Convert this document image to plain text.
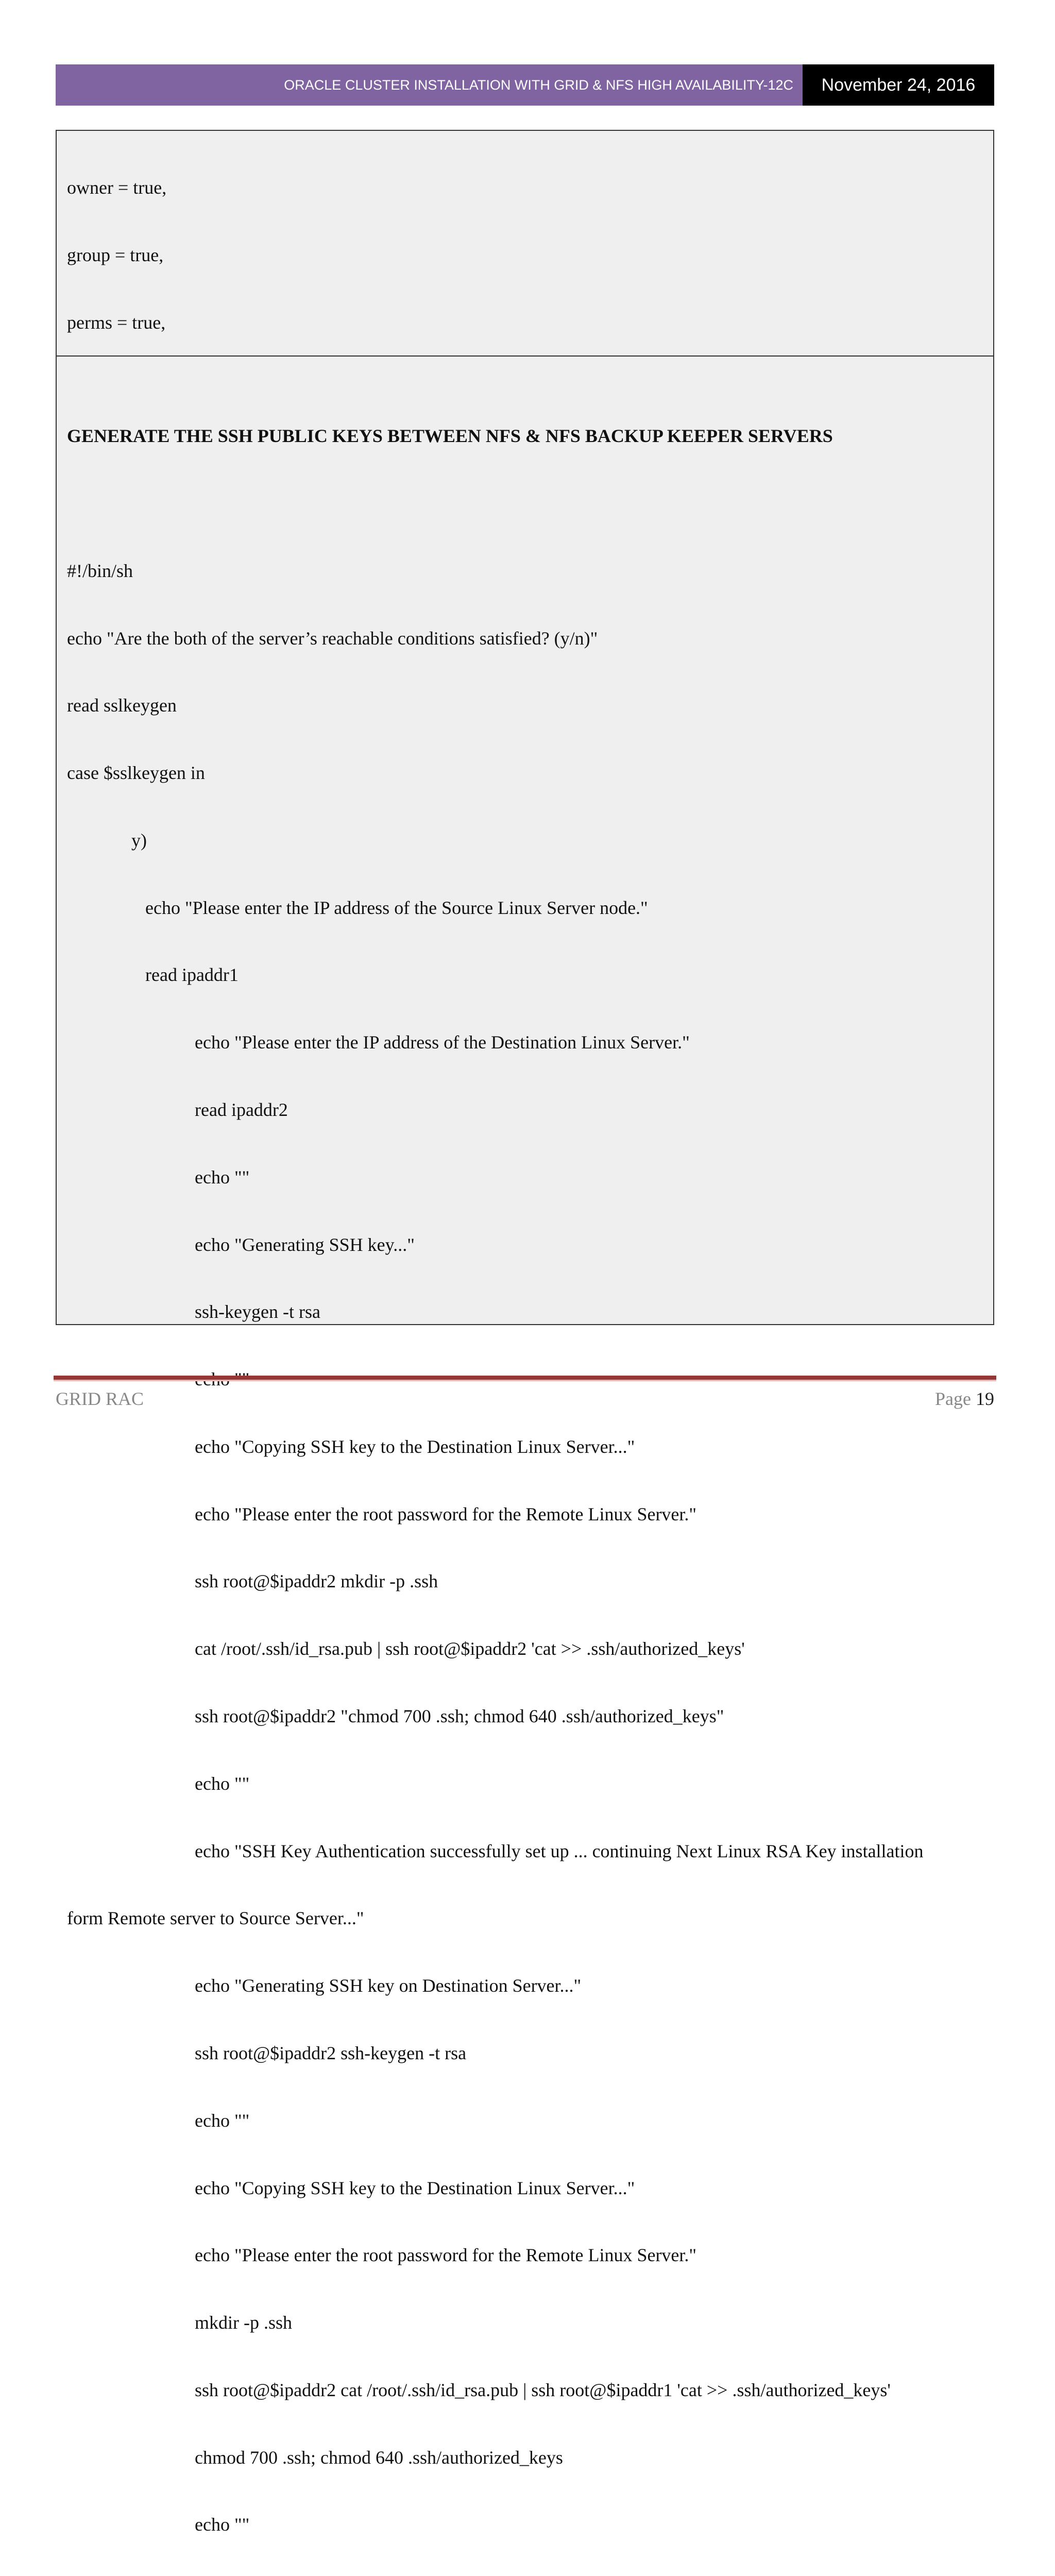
ORACLE CLUSTER INSTALLATION WITH GRID & NFS HIGH AVAILABILITY-12C November 24, 2016

owner = true,

group = true,

perms = true,

GENERATE THE SSH PUBLIC KEYS BETWEEN NFS & NFS BACKUP KEEPER SERVERS

#!/bin/sh

echo "Are the both of the server’s reachable conditions satisfied? (y/n)"

read sslkeygen

case $sslkeygen in

y)

echo "Please enter the IP address of the Source Linux Server node."

read ipaddr1

echo "Please enter the IP address of the Destination Linux Server."

read ipaddr2

echo ""

echo "Generating SSH key..."

ssh-keygen -t rsa

echo "Copying SSH key to the Destination Linux Server..."

echo "Please enter the root password for the Remote Linux Server."

ssh root@$ipaddr2 mkdir -p .ssh

cat /root/.ssh/id_rsa.pub | ssh root@$ipaddr2 'cat >> .ssh/authorized_keys'

ssh root@$ipaddr2 "chmod 700 .ssh; chmod 640 .ssh/authorized_keys"

echo ""

echo "SSH Key Authentication successfully set up ... continuing Next Linux RSA Key installation

form Remote server to Source Server..."

echo "Generating SSH key on Destination Server..."

ssh root@$ipaddr2 ssh-keygen -t rsa

echo ""

echo "Copying SSH key to the Destination Linux Server..."

echo "Please enter the root password for the Remote Linux Server."

mkdir -p .ssh

ssh root@$ipaddr2 cat /root/.ssh/id_rsa.pub | ssh root@$ipaddr1 'cat >> .ssh/authorized_keys'

chmod 700 .ssh; chmod 640 .ssh/authorized_keys

echo ""

GRID RAC	Page 19
